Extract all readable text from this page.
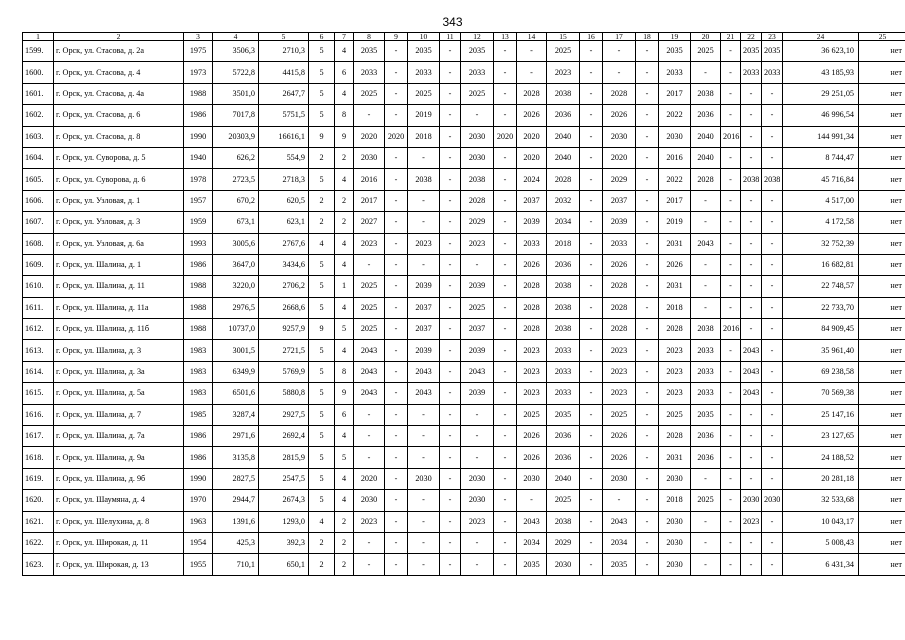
343
1	2	3	4	5	6	7	8	9	10	11	12	13	14	15	16	17	18	19	20	21	22	23	24	25
1599.	г. Орск, ул. Стасова, д. 2а	1975	3506,3	2710,3	5	4	2035	-	2035	-	2035	-	-	2025	-	-	-	2035	2025	-	2035	2035	36 623,10	нет
1600.	г. Орск, ул. Стасова, д. 4	1973	5722,8	4415,8	5	6	2033	-	2033	-	2033	-	-	2023	-	-	-	2033	-	-	2033	2033	43 185,93	нет
1601.	г. Орск, ул. Стасова, д. 4а	1988	3501,0	2647,7	5	4	2025	-	2025	-	2025	-	2028	2038	-	2028	-	2017	2038	-	-	-	29 251,05	нет
1602.	г. Орск, ул. Стасова, д. 6	1986	7017,8	5751,5	5	8	-	-	2019	-	-	-	2026	2036	-	2026	-	2022	2036	-	-	-	46 996,54	нет
1603.	г. Орск, ул. Стасова, д. 8	1990	20303,9	16616,1	9	9	2020	2020	2018	-	2030	2020	2020	2040	-	2030	-	2030	2040	2016	-	-	144 991,34	нет
1604.	г. Орск, ул. Суворова, д. 5	1940	626,2	554,9	2	2	2030	-	-	-	2030	-	2020	2040	-	2020	-	2016	2040	-	-	-	8 744,47	нет
1605.	г. Орск, ул. Суворова, д. 6	1978	2723,5	2718,3	5	4	2016	-	2038	-	2038	-	2024	2028	-	2029	-	2022	2028	-	2038	2038	45 716,84	нет
1606.	г. Орск, ул. Узловая, д. 1	1957	670,2	620,5	2	2	2017	-	-	-	2028	-	2037	2032	-	2037	-	2017	-	-	-	-	4 517,00	нет
1607.	г. Орск, ул. Узловая, д. 3	1959	673,1	623,1	2	2	2027	-	-	-	2029	-	2039	2034	-	2039	-	2019	-	-	-	-	4 172,58	нет
1608.	г. Орск, ул. Узловая, д. 6а	1993	3005,6	2767,6	4	4	2023	-	2023	-	2023	-	2033	2018	-	2033	-	2031	2043	-	-	-	32 752,39	нет
1609.	г. Орск, ул. Шалина, д. 1	1986	3647,0	3434,6	5	4	-	-	-	-	-	-	2026	2036	-	2026	-	2026	-	-	-	-	16 682,81	нет
1610.	г. Орск, ул. Шалина, д. 11	1988	3220,0	2706,2	5	1	2025	-	2039	-	2039	-	2028	2038	-	2028	-	2031	-	-	-	-	22 748,57	нет
1611.	г. Орск, ул. Шалина, д. 11а	1988	2976,5	2668,6	5	4	2025	-	2037	-	2025	-	2028	2038	-	2028	-	2018	-	-	-	-	22 733,70	нет
1612.	г. Орск, ул. Шалина, д. 11б	1988	10737,0	9257,9	9	5	2025	-	2037	-	2037	-	2028	2038	-	2028	-	2028	2038	2016	-	-	84 909,45	нет
1613.	г. Орск, ул. Шалина, д. 3	1983	3001,5	2721,5	5	4	2043	-	2039	-	2039	-	2023	2033	-	2023	-	2023	2033	-	2043	-	35 961,40	нет
1614.	г. Орск, ул. Шалина, д. 3а	1983	6349,9	5769,9	5	8	2043	-	2043	-	2043	-	2023	2033	-	2023	-	2023	2033	-	2043	-	69 238,58	нет
1615.	г. Орск, ул. Шалина, д. 5а	1983	6501,6	5880,8	5	9	2043	-	2043	-	2039	-	2023	2033	-	2023	-	2023	2033	-	2043	-	70 569,38	нет
1616.	г. Орск, ул. Шалина, д. 7	1985	3287,4	2927,5	5	6	-	-	-	-	-	-	2025	2035	-	2025	-	2025	2035	-	-	-	25 147,16	нет
1617.	г. Орск, ул. Шалина, д. 7а	1986	2971,6	2692,4	5	4	-	-	-	-	-	-	2026	2036	-	2026	-	2028	2036	-	-	-	23 127,65	нет
1618.	г. Орск, ул. Шалина, д. 9а	1986	3135,8	2815,9	5	5	-	-	-	-	-	-	2026	2036	-	2026	-	2031	2036	-	-	-	24 188,52	нет
1619.	г. Орск, ул. Шалина, д. 9б	1990	2827,5	2547,5	5	4	2020	-	2030	-	2030	-	2030	2040	-	2030	-	2030	-	-	-	-	20 281,18	нет
1620.	г. Орск, ул. Шаумяна, д. 4	1970	2944,7	2674,3	5	4	2030	-	-	-	2030	-	-	2025	-	-	-	2018	2025	-	2030	2030	32 533,68	нет
1621.	г. Орск, ул. Шелухина, д. 8	1963	1391,6	1293,0	4	2	2023	-	-	-	2023	-	2043	2038	-	2043	-	2030	-	-	2023	-	10 043,17	нет
1622.	г. Орск, ул. Широкая, д. 11	1954	425,3	392,3	2	2	-	-	-	-	-	-	2034	2029	-	2034	-	2030	-	-	-	-	5 008,43	нет
1623.	г. Орск, ул. Широкая, д. 13	1955	710,1	650,1	2	2	-	-	-	-	-	-	2035	2030	-	2035	-	2030	-	-	-	-	6 431,34	нет
